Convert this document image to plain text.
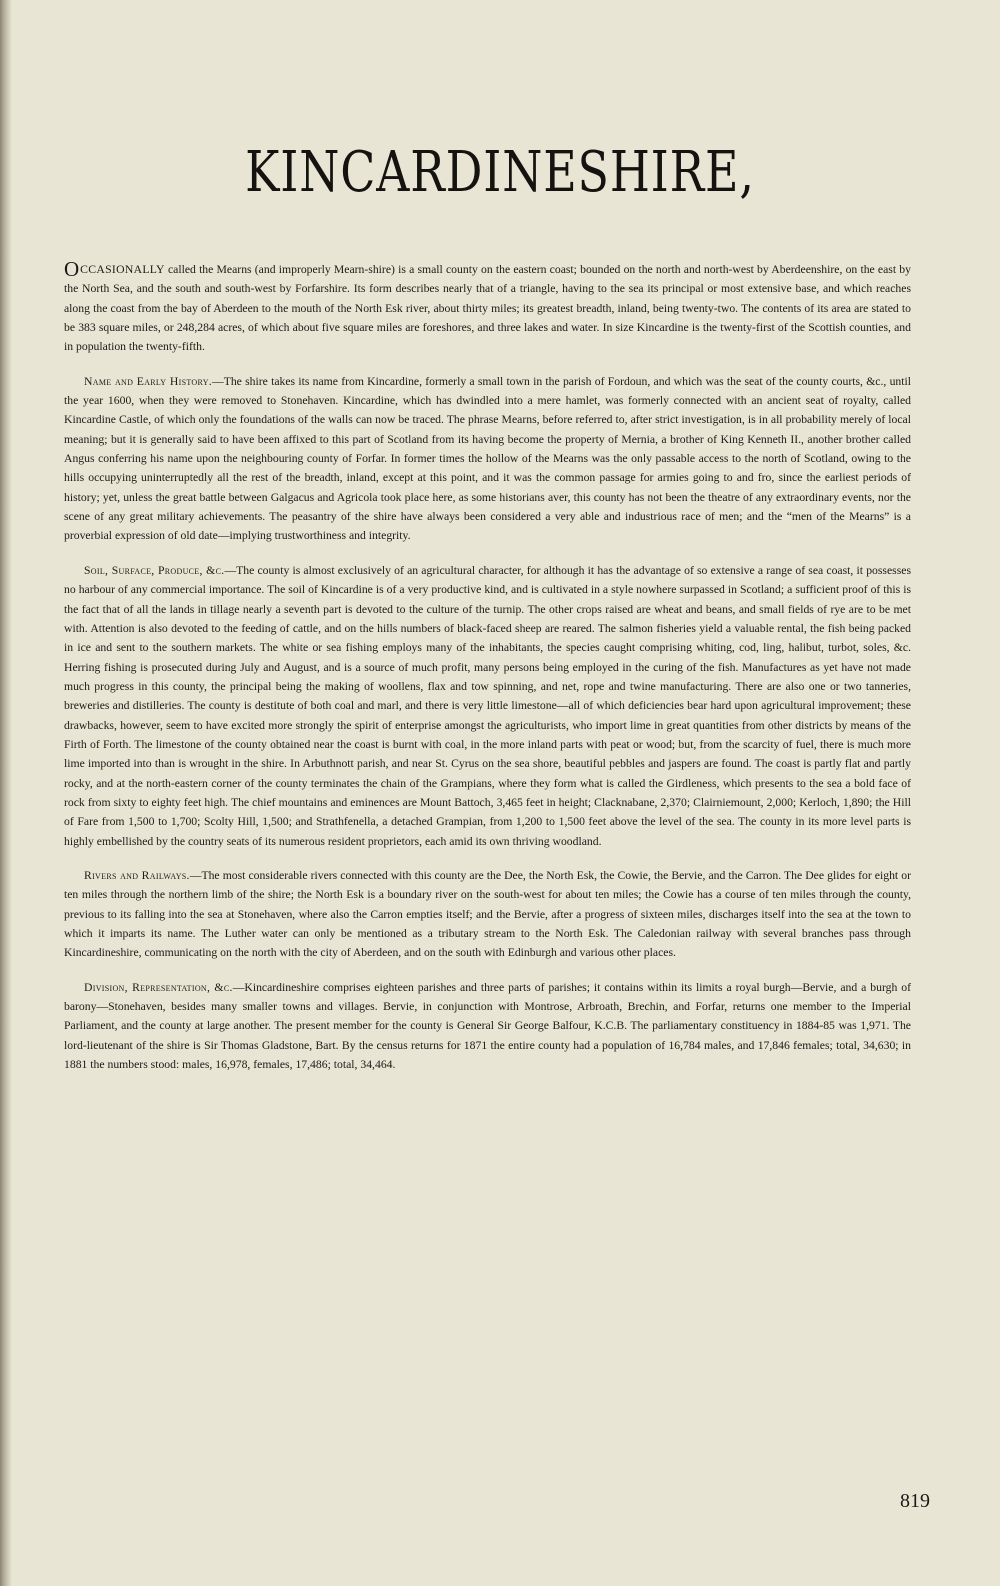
KINCARDINESHIRE,

OCCASIONALLY called the Mearns (and improperly Mearn-shire) is a small county on the eastern coast; bounded on the north and north-west by Aberdeenshire, on the east by the North Sea, and the south and south-west by Forfarshire. Its form describes nearly that of a triangle, having to the sea its principal or most extensive base, and which reaches along the coast from the bay of Aberdeen to the mouth of the North Esk river, about thirty miles; its greatest breadth, inland, being twenty-two. The contents of its area are stated to be 383 square miles, or 248,284 acres, of which about five square miles are foreshores, and three lakes and water. In size Kincardine is the twenty-first of the Scottish counties, and in population the twenty-fifth.

Name and Early History.—The shire takes its name from Kincardine, formerly a small town in the parish of Fordoun, and which was the seat of the county courts, &c., until the year 1600, when they were removed to Stonehaven. Kincardine, which has dwindled into a mere hamlet, was formerly connected with an ancient seat of royalty, called Kincardine Castle, of which only the foundations of the walls can now be traced. The phrase Mearns, before referred to, after strict investigation, is in all probability merely of local meaning; but it is generally said to have been affixed to this part of Scotland from its having become the property of Mernia, a brother of King Kenneth II., another brother called Angus conferring his name upon the neighbouring county of Forfar. In former times the hollow of the Mearns was the only passable access to the north of Scotland, owing to the hills occupying uninterruptedly all the rest of the breadth, inland, except at this point, and it was the common passage for armies going to and fro, since the earliest periods of history; yet, unless the great battle between Galgacus and Agricola took place here, as some historians aver, this county has not been the theatre of any extraordinary events, nor the scene of any great military achievements. The peasantry of the shire have always been considered a very able and industrious race of men; and the “men of the Mearns” is a proverbial expression of old date—implying trustworthiness and integrity.

Soil, Surface, Produce, &c.—The county is almost exclusively of an agricultural character, for although it has the advantage of so extensive a range of sea coast, it possesses no harbour of any commercial importance. The soil of Kincardine is of a very productive kind, and is cultivated in a style nowhere surpassed in Scotland; a sufficient proof of this is the fact that of all the lands in tillage nearly a seventh part is devoted to the culture of the turnip. The other crops raised are wheat and beans, and small fields of rye are to be met with. Attention is also devoted to the feeding of cattle, and on the hills numbers of black-faced sheep are reared. The salmon fisheries yield a valuable rental, the fish being packed in ice and sent to the southern markets. The white or sea fishing employs many of the inhabitants, the species caught comprising whiting, cod, ling, halibut, turbot, soles, &c. Herring fishing is prosecuted during July and August, and is a source of much profit, many persons being employed in the curing of the fish. Manufactures as yet have not made much progress in this county, the principal being the making of woollens, flax and tow spinning, and net, rope and twine manufacturing. There are also one or two tanneries, breweries and distilleries. The county is destitute of both coal and marl, and there is very little limestone—all of which deficiencies bear hard upon agricultural improvement; these drawbacks, however, seem to have excited more strongly the spirit of enterprise amongst the agriculturists, who import lime in great quantities from other districts by means of the Firth of Forth. The limestone of the county obtained near the coast is burnt with coal, in the more inland parts with peat or wood; but, from the scarcity of fuel, there is much more lime imported into than is wrought in the shire. In Arbuthnott parish, and near St. Cyrus on the sea shore, beautiful pebbles and jaspers are found. The coast is partly flat and partly rocky, and at the north-eastern corner of the county terminates the chain of the Grampians, where they form what is called the Girdleness, which presents to the sea a bold face of rock from sixty to eighty feet high. The chief mountains and eminences are Mount Battoch, 3,465 feet in height; Clacknabane, 2,370; Clairniemount, 2,000; Kerloch, 1,890; the Hill of Fare from 1,500 to 1,700; Scolty Hill, 1,500; and Strathfenella, a detached Grampian, from 1,200 to 1,500 feet above the level of the sea. The county in its more level parts is highly embellished by the country seats of its numerous resident proprietors, each amid its own thriving woodland.

Rivers and Railways.—The most considerable rivers connected with this county are the Dee, the North Esk, the Cowie, the Bervie, and the Carron. The Dee glides for eight or ten miles through the northern limb of the shire; the North Esk is a boundary river on the south-west for about ten miles; the Cowie has a course of ten miles through the county, previous to its falling into the sea at Stonehaven, where also the Carron empties itself; and the Bervie, after a progress of sixteen miles, discharges itself into the sea at the town to which it imparts its name. The Luther water can only be mentioned as a tributary stream to the North Esk. The Caledonian railway with several branches pass through Kincardineshire, communicating on the north with the city of Aberdeen, and on the south with Edinburgh and various other places.

Division, Representation, &c.—Kincardineshire comprises eighteen parishes and three parts of parishes; it contains within its limits a royal burgh—Bervie, and a burgh of barony—Stonehaven, besides many smaller towns and villages. Bervie, in conjunction with Montrose, Arbroath, Brechin, and Forfar, returns one member to the Imperial Parliament, and the county at large another. The present member for the county is General Sir George Balfour, K.C.B. The parliamentary constituency in 1884-85 was 1,971. The lord-lieutenant of the shire is Sir Thomas Gladstone, Bart. By the census returns for 1871 the entire county had a population of 16,784 males, and 17,846 females; total, 34,630; in 1881 the numbers stood: males, 16,978, females, 17,486; total, 34,464.

819
